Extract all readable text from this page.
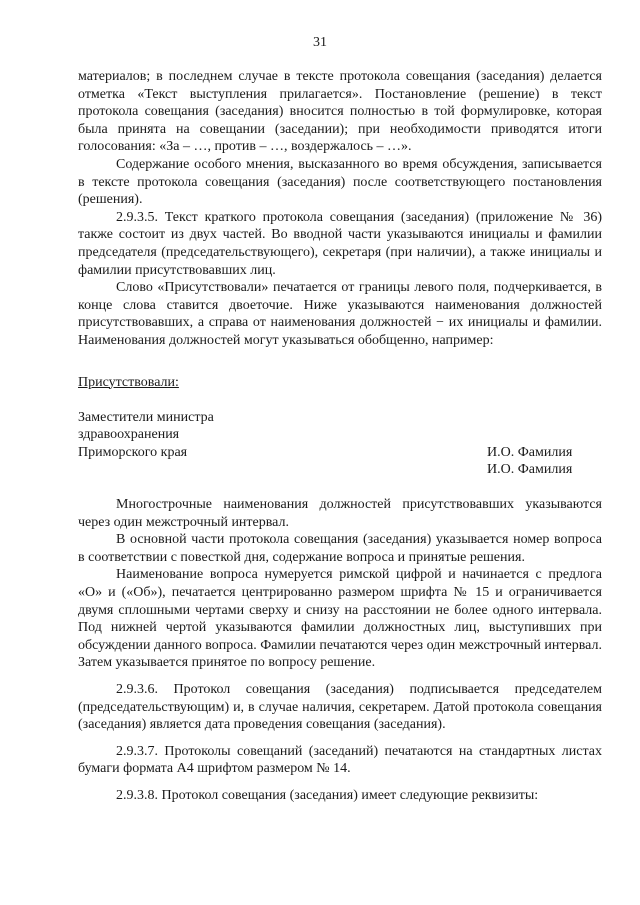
31

материалов; в последнем случае в тексте протокола совещания (заседания) делается отметка «Текст выступления прилагается». Постановление (решение) в текст протокола совещания (заседания) вносится полностью в той формулировке, которая была принята на совещании (заседании); при необходимости приводятся итоги голосования: «За – …, против – …, воздержалось – …».

Содержание особого мнения, высказанного во время обсуждения, записывается в тексте протокола совещания (заседания) после соответствующего постановления (решения).

2.9.3.5. Текст краткого протокола совещания (заседания) (приложение № 36) также состоит из двух частей. Во вводной части указываются инициалы и фамилии председателя (председательствующего), секретаря (при наличии), а также инициалы и фамилии присутствовавших лиц.

Слово «Присутствовали» печатается от границы левого поля, подчеркивается, в конце слова ставится двоеточие. Ниже указываются наименования должностей присутствовавших, а справа от наименования должностей − их инициалы и фамилии. Наименования должностей могут указываться обобщенно, например:

Присутствовали:

Заместители министра
здравоохранения
Приморского края	И.О. Фамилия
И.О. Фамилия

Многострочные наименования должностей присутствовавших указываются через один межстрочный интервал.

В основной части протокола совещания (заседания) указывается номер вопроса в соответствии с повесткой дня, содержание вопроса и принятые решения.

Наименование вопроса нумеруется римской цифрой и начинается с предлога «О» и («Об»), печатается центрированно размером шрифта № 15 и ограничивается двумя сплошными чертами сверху и снизу на расстоянии не более одного интервала. Под нижней чертой указываются фамилии должностных лиц, выступивших при обсуждении данного вопроса. Фамилии печатаются через один межстрочный интервал. Затем указывается принятое по вопросу решение.

2.9.3.6. Протокол совещания (заседания) подписывается председателем (председательствующим) и, в случае наличия, секретарем. Датой протокола совещания (заседания) является дата проведения совещания (заседания).

2.9.3.7. Протоколы совещаний (заседаний) печатаются на стандартных листах бумаги формата А4 шрифтом размером № 14.

2.9.3.8. Протокол совещания (заседания) имеет следующие реквизиты:
